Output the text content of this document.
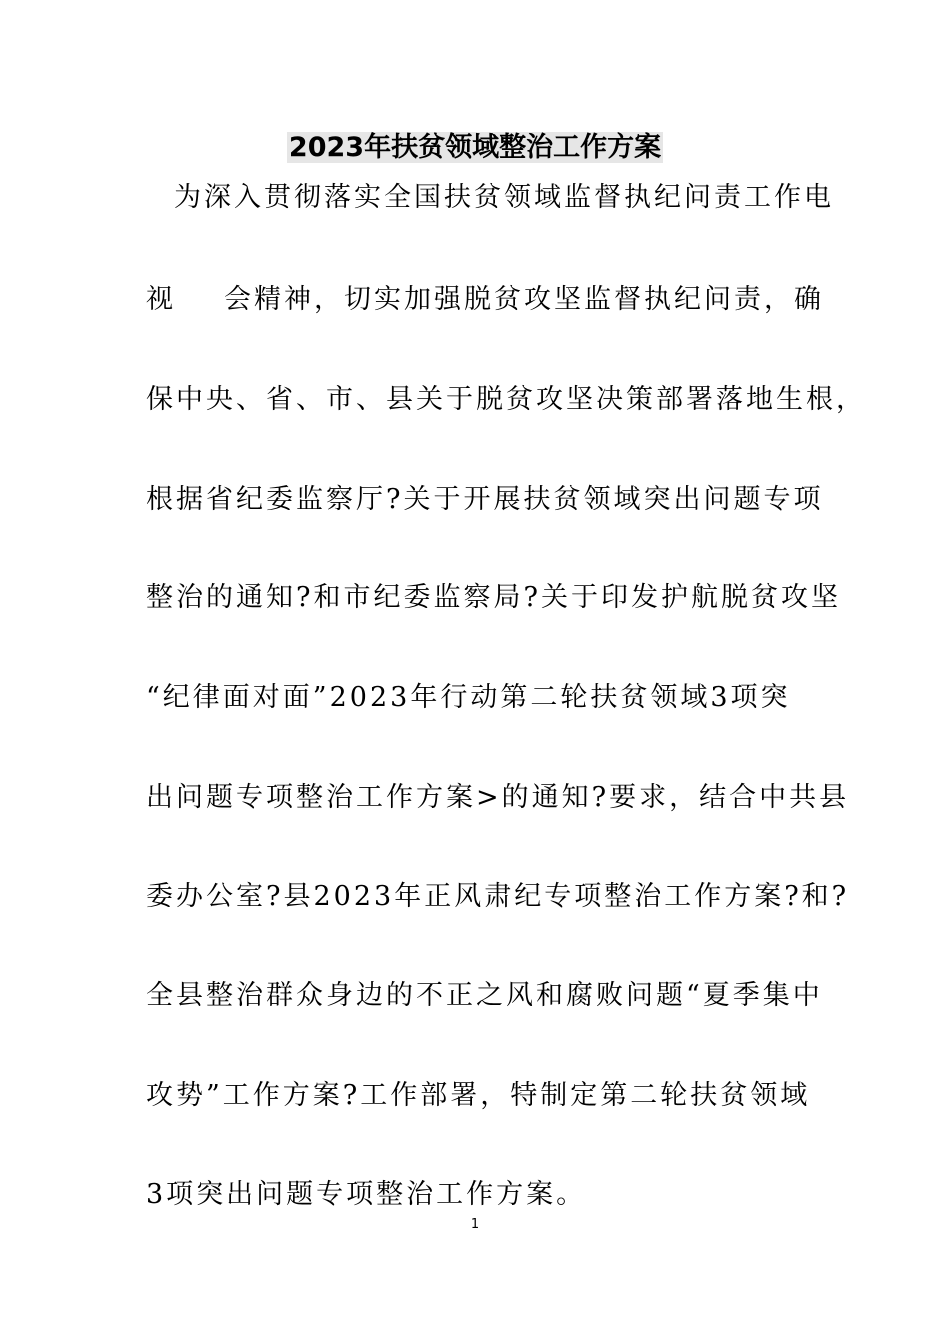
2023年扶贫领域整治工作方案
为深入贯彻落实全国扶贫领域监督执纪问责工作电
视 会精神，切实加强脱贫攻坚监督执纪问责，确
保中央、省、市、县关于脱贫攻坚决策部署落地生根，
根据省纪委监察厅?关于开展扶贫领域突出问题专项
整治的通知?和市纪委监察局?关于印发护航脱贫攻坚
“纪律面对面”2023年行动第二轮扶贫领域3项突
出问题专项整治工作方案>的通知?要求，结合中共县
委办公室?县2023年正风肃纪专项整治工作方案?和?
全县整治群众身边的不正之风和腐败问题“夏季集中
攻势”工作方案?工作部署，特制定第二轮扶贫领域
3项突出问题专项整治工作方案。
1
